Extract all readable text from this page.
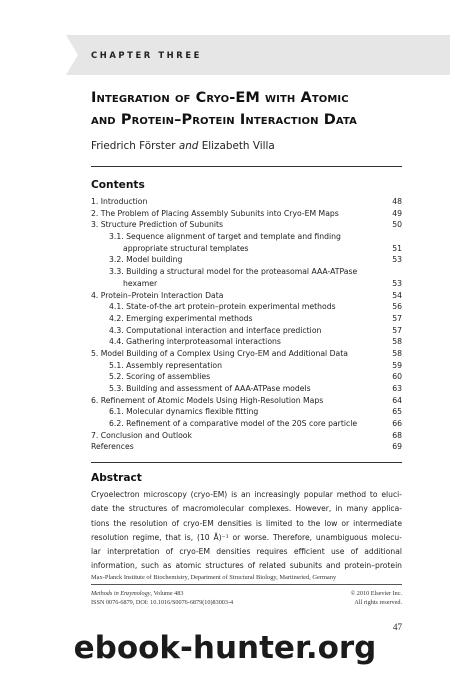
CHAPTER THREE
Integration of Cryo-EM with Atomic
and Protein–Protein Interaction Data
Friedrich Förster and Elizabeth Villa
Contents
1. Introduction	48
2. The Problem of Placing Assembly Subunits into Cryo-EM Maps	49
3. Structure Prediction of Subunits	50
3.1. Sequence alignment of target and template and finding
appropriate structural templates	51
3.2. Model building	53
3.3. Building a structural model for the proteasomal AAA-ATPase
hexamer	53
4. Protein–Protein Interaction Data	54
4.1. State-of-the art protein–protein experimental methods	56
4.2. Emerging experimental methods	57
4.3. Computational interaction and interface prediction	57
4.4. Gathering interproteasomal interactions	58
5. Model Building of a Complex Using Cryo-EM and Additional Data	58
5.1. Assembly representation	59
5.2. Scoring of assemblies	60
5.3. Building and assessment of AAA-ATPase models	63
6. Refinement of Atomic Models Using High-Resolution Maps	64
6.1. Molecular dynamics flexible fitting	65
6.2. Refinement of a comparative model of the 20S core particle	66
7. Conclusion and Outlook	68
References	69
Abstract
Cryoelectron microscopy (cryo-EM) is an increasingly popular method to eluci-
date the structures of macromolecular complexes. However, in many applica-
tions the resolution of cryo-EM densities is limited to the low or intermediate
resolution regime, that is, (10 Å)⁻¹ or worse. Therefore, unambiguous molecu-
lar interpretation of cryo-EM densities requires efficient use of additional
information, such as atomic structures of related subunits and protein–protein
Max-Planck Institute of Biochemistry, Department of Structural Biology, Martinsried, Germany
Methods in Enzymology, Volume 483	© 2010 Elsevier Inc.
ISSN 0076-6879, DOI: 10.1016/S0076-6879(10)83003-4	All rights reserved.
47
ebook-hunter.org
